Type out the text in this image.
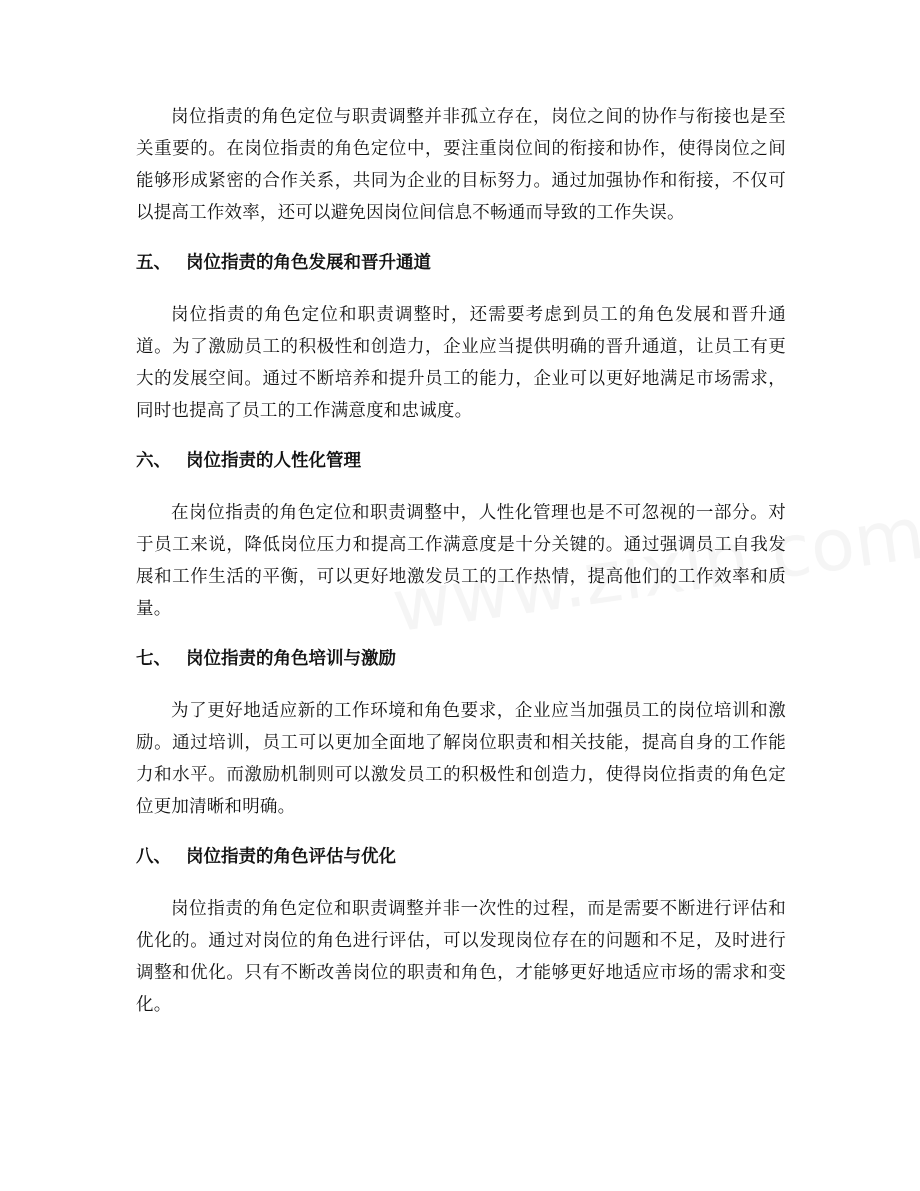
岗位指责的角色定位与职责调整并非孤立存在，岗位之间的协作与衔接也是至关重要的。在岗位指责的角色定位中，要注重岗位间的衔接和协作，使得岗位之间能够形成紧密的合作关系，共同为企业的目标努力。通过加强协作和衔接，不仅可以提高工作效率，还可以避免因岗位间信息不畅通而导致的工作失误。

五、 岗位指责的角色发展和晋升通道

岗位指责的角色定位和职责调整时，还需要考虑到员工的角色发展和晋升通道。为了激励员工的积极性和创造力，企业应当提供明确的晋升通道，让员工有更大的发展空间。通过不断培养和提升员工的能力，企业可以更好地满足市场需求，同时也提高了员工的工作满意度和忠诚度。

六、 岗位指责的人性化管理

在岗位指责的角色定位和职责调整中，人性化管理也是不可忽视的一部分。对于员工来说，降低岗位压力和提高工作满意度是十分关键的。通过强调员工自我发展和工作生活的平衡，可以更好地激发员工的工作热情，提高他们的工作效率和质量。

七、 岗位指责的角色培训与激励

为了更好地适应新的工作环境和角色要求，企业应当加强员工的岗位培训和激励。通过培训，员工可以更加全面地了解岗位职责和相关技能，提高自身的工作能力和水平。而激励机制则可以激发员工的积极性和创造力，使得岗位指责的角色定位更加清晰和明确。

八、 岗位指责的角色评估与优化

岗位指责的角色定位和职责调整并非一次性的过程，而是需要不断进行评估和优化的。通过对岗位的角色进行评估，可以发现岗位存在的问题和不足，及时进行调整和优化。只有不断改善岗位的职责和角色，才能够更好地适应市场的需求和变化。
